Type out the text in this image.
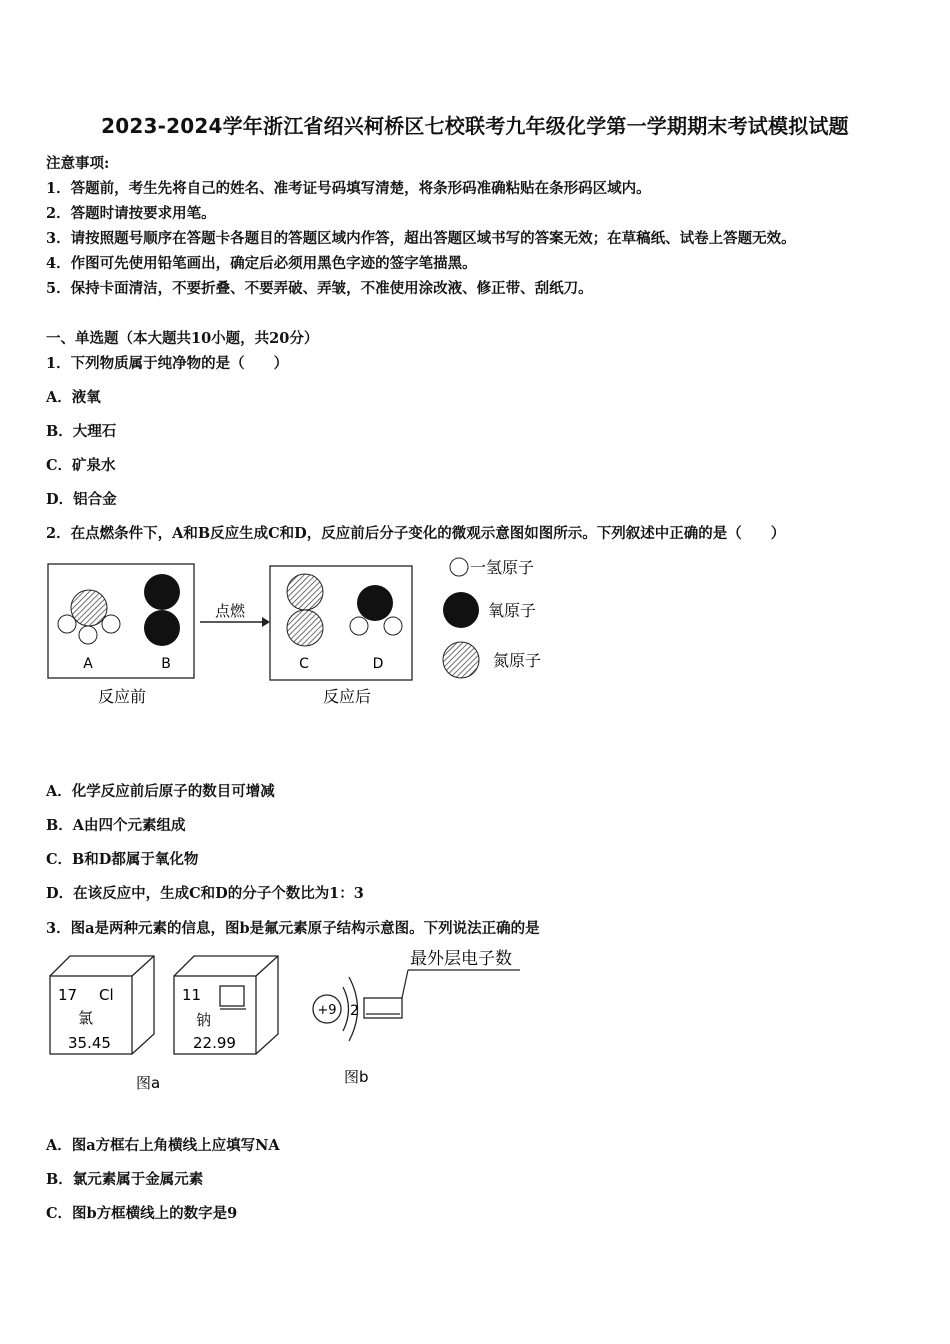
2023-2024学年浙江省绍兴柯桥区七校联考九年级化学第一学期期末考试模拟试题
注意事项:
1．答题前，考生先将自己的姓名、准考证号码填写清楚，将条形码准确粘贴在条形码区域内。
2．答题时请按要求用笔。
3．请按照题号顺序在答题卡各题目的答题区域内作答，超出答题区域书写的答案无效；在草稿纸、试卷上答题无效。
4．作图可先使用铅笔画出，确定后必须用黑色字迹的签字笔描黑。
5．保持卡面清洁，不要折叠、不要弄破、弄皱，不准使用涂改液、修正带、刮纸刀。
一、单选题（本大题共10小题，共20分）
1．下列物质属于纯净物的是（　　）
A．液氧
B．大理石
C．矿泉水
D．铝合金
2．在点燃条件下，A和B反应生成C和D，反应前后分子变化的微观示意图如图所示。下列叙述中正确的是（　　）
A	B
反应前
点燃
C	D
反应后
一氢原子
氧原子
氮原子
A．化学反应前后原子的数目可增减
B．A由四个元素组成
C．B和D都属于氧化物
D．在该反应中，生成C和D的分子个数比为1：3
3．图a是两种元素的信息，图b是氟元素原子结构示意图。下列说法正确的是
17 Cl
氯
35.45
11
钠
22.99
图a
+9 2
最外层电子数
图b
A．图a方框右上角横线上应填写NA
B．氯元素属于金属元素
C．图b方框横线上的数字是9
